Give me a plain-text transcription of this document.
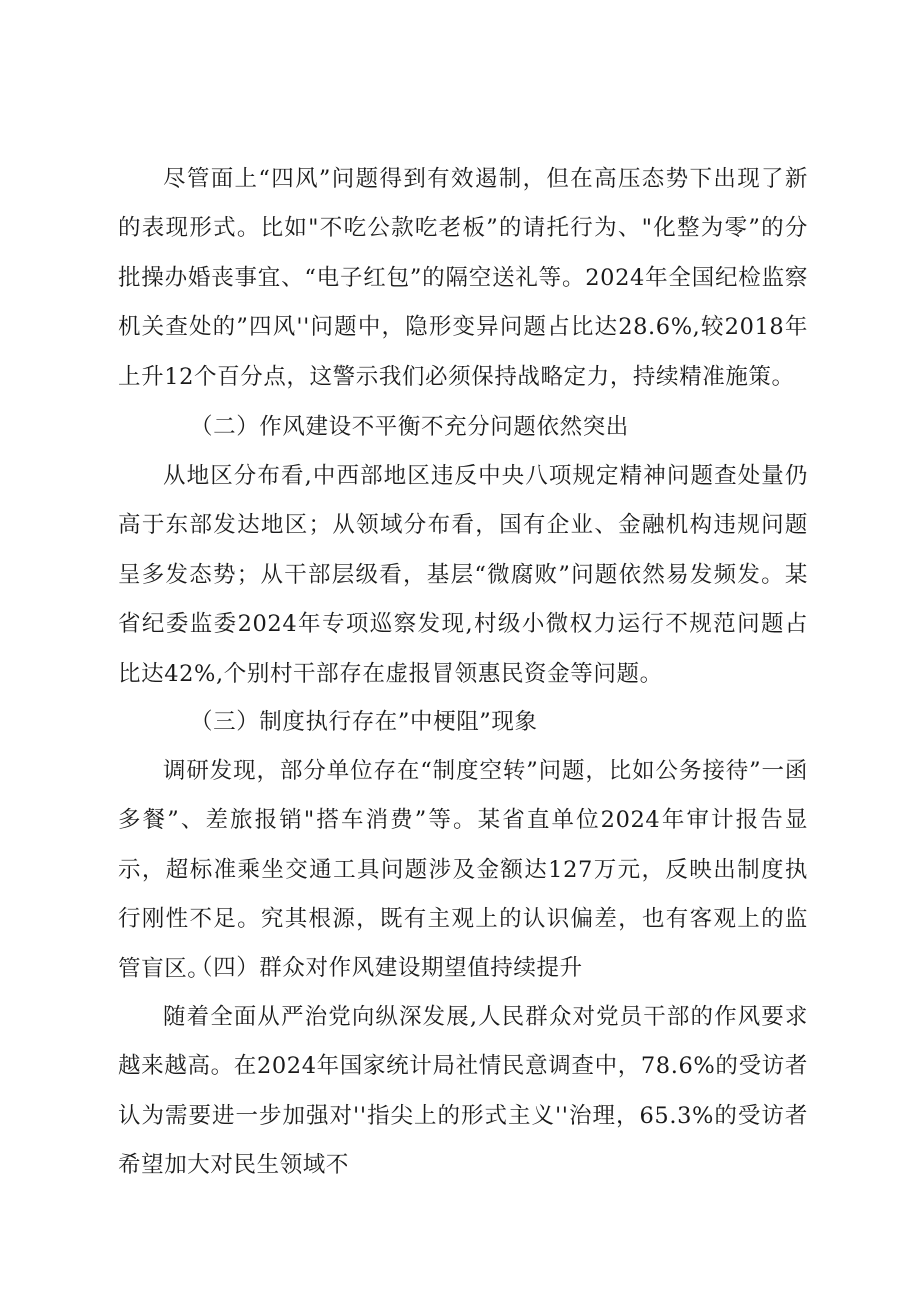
尽管面上“四风”问题得到有效遏制，但在高压态势下出现了新的表现形式。比如"不吃公款吃老板”的请托行为、"化整为零”的分批操办婚丧事宜、“电子红包”的隔空送礼等。2024年全国纪检监察机关查处的”四风''问题中，隐形变异问题占比达28.6%,较2018年上升12个百分点，这警示我们必须保持战略定力，持续精准施策。

（二）作风建设不平衡不充分问题依然突出

从地区分布看,中西部地区违反中央八项规定精神问题查处量仍高于东部发达地区；从领域分布看，国有企业、金融机构违规问题呈多发态势；从干部层级看，基层“微腐败”问题依然易发频发。某省纪委监委2024年专项巡察发现,村级小微权力运行不规范问题占比达42%,个别村干部存在虚报冒领惠民资金等问题。

（三）制度执行存在”中梗阻”现象

调研发现，部分单位存在“制度空转”问题，比如公务接待”一函多餐”、差旅报销"搭车消费”等。某省直单位2024年审计报告显示，超标准乘坐交通工具问题涉及金额达127万元，反映出制度执行刚性不足。究其根源，既有主观上的认识偏差，也有客观上的监管盲区。

（四）群众对作风建设期望值持续提升

随着全面从严治党向纵深发展,人民群众对党员干部的作风要求越来越高。在2024年国家统计局社情民意调查中，78.6%的受访者认为需要进一步加强对''指尖上的形式主义''治理，65.3%的受访者希望加大对民生领域不
